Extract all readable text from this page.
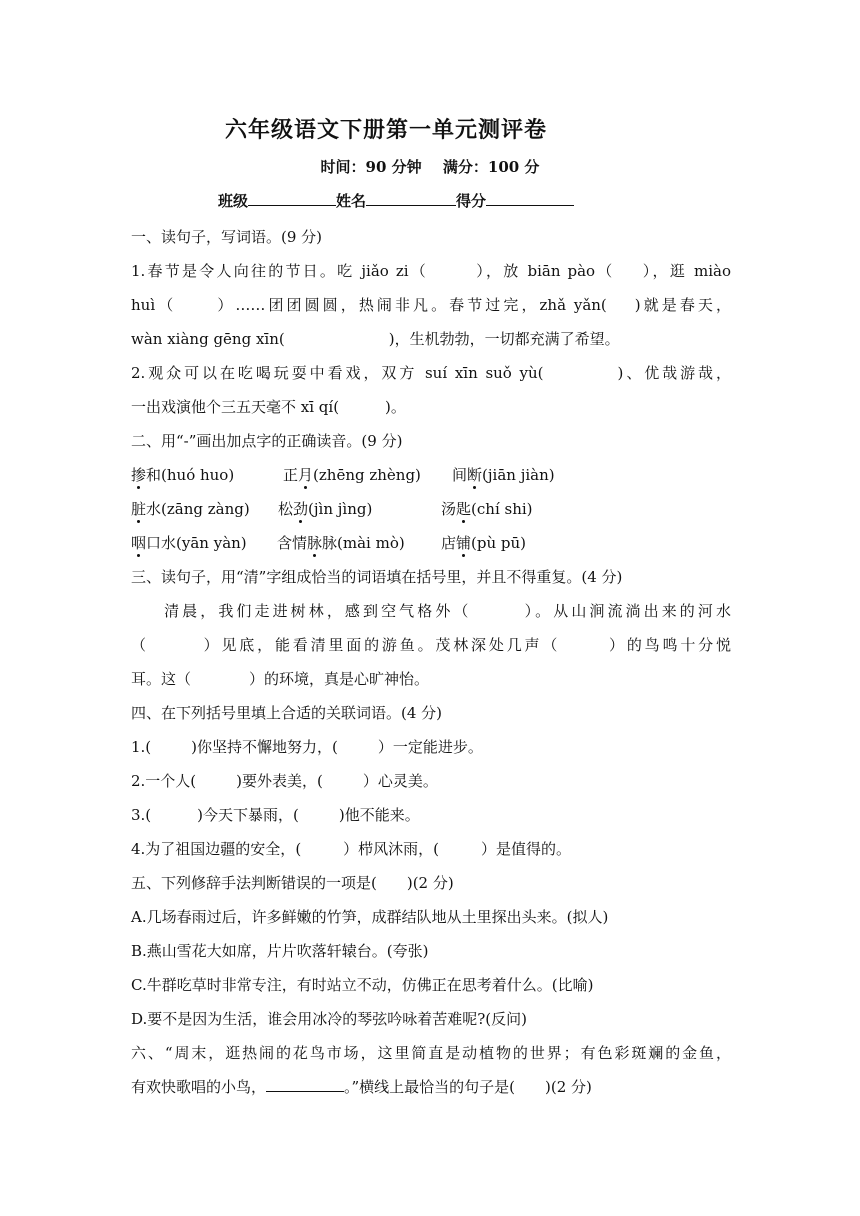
六年级语文下册第一单元测评卷
时间：90 分钟 满分：100 分
班级	姓名	得分
一、读句子，写词语。(9 分)
1.春节是令人向往的节日。吃 jiǎo zi（	），放 biān pào（ ），逛 miào
huì（	）……团团圆圆，热闹非凡。春节过完，zhǎ yǎn( )就是春天，
wàn xiàng gēng xīn(	)，生机勃勃，一切都充满了希望。
2.观众可以在吃喝玩耍中看戏，双方 suí xīn suǒ yù(	)、优哉游哉，
一出戏演他个三五天毫不 xī qí(	)。
二、用“-”画出加点字的正确读音。(9 分)
掺和(huó huo)	正月(zhēng zhèng) 间断(jiān jiàn)
脏水(zāng zàng) 松劲(jìn jìng)	汤匙(chí shi)
咽口水(yān yàn) 含情脉脉(mài mò) 店铺(pù pū)
三、读句子，用“清”字组成恰当的词语填在括号里，并且不得重复。(4 分)
清晨，我们走进树林，感到空气格外（	）。从山涧流淌出来的河水
（	）见底，能看清里面的游鱼。茂林深处几声（	）的鸟鸣十分悦
耳。这（	）的环境，真是心旷神怡。
四、在下列括号里填上合适的关联词语。(4 分)
1.(	)你坚持不懈地努力，(	）一定能进步。
2.一个人(	)要外表美，(	）心灵美。
3.(	)今天下暴雨，(	)他不能来。
4.为了祖国边疆的安全，(	）栉风沐雨，(	）是值得的。
五、下列修辞手法判断错误的一项是(　　)(2 分)
A.几场春雨过后，许多鲜嫩的竹笋，成群结队地从土里探出头来。(拟人)
B.燕山雪花大如席，片片吹落轩辕台。(夸张)
C.牛群吃草时非常专注，有时站立不动，仿佛正在思考着什么。(比喻)
D.要不是因为生活，谁会用冰冷的琴弦吟咏着苦难呢?(反问)
六、“周末，逛热闹的花鸟市场，这里简直是动植物的世界；有色彩斑斓的金鱼，
有欢快歌唱的小鸟，	。”横线上最恰当的句子是(　　)(2 分)
